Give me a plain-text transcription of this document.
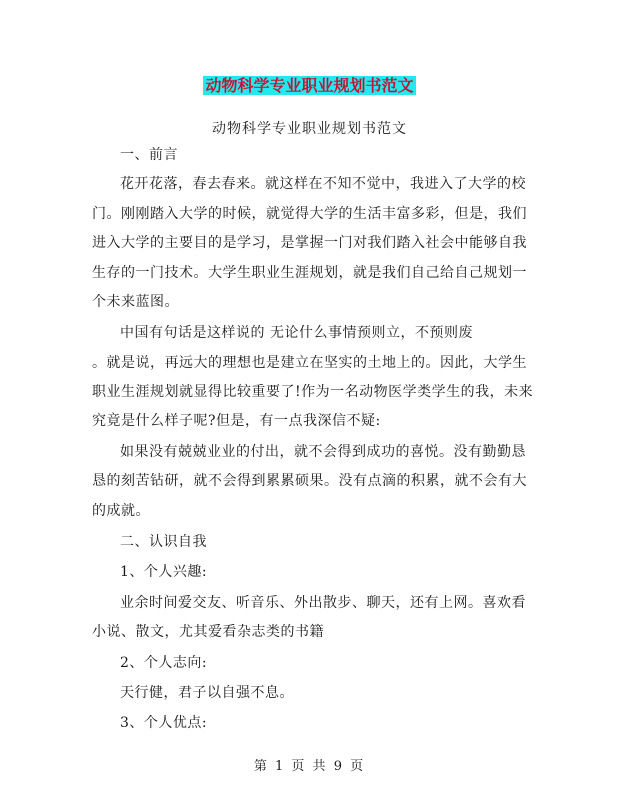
动物科学专业职业规划书范文
动物科学专业职业规划书范文
一、前言
花开花落，春去春来。就这样在不知不觉中，我进入了大学的校
门。刚刚踏入大学的时候，就觉得大学的生活丰富多彩，但是，我们
进入大学的主要目的是学习，是掌握一门对我们踏入社会中能够自我
生存的一门技术。大学生职业生涯规划，就是我们自己给自己规划一
个未来蓝图。
中国有句话是这样说的 无论什么事情预则立，不预则废
。就是说，再远大的理想也是建立在坚实的土地上的。因此，大学生
职业生涯规划就显得比较重要了!作为一名动物医学类学生的我，未来
究竟是什么样子呢?但是，有一点我深信不疑:
如果没有兢兢业业的付出，就不会得到成功的喜悦。没有勤勤恳
恳的刻苦钻研，就不会得到累累硕果。没有点滴的积累，就不会有大
的成就。
二、认识自我
1、个人兴趣:
业余时间爱交友、听音乐、外出散步、聊天，还有上网。喜欢看
小说、散文，尤其爱看杂志类的书籍
2、个人志向:
天行健，君子以自强不息。
3、个人优点:
第 1 页 共 9 页
